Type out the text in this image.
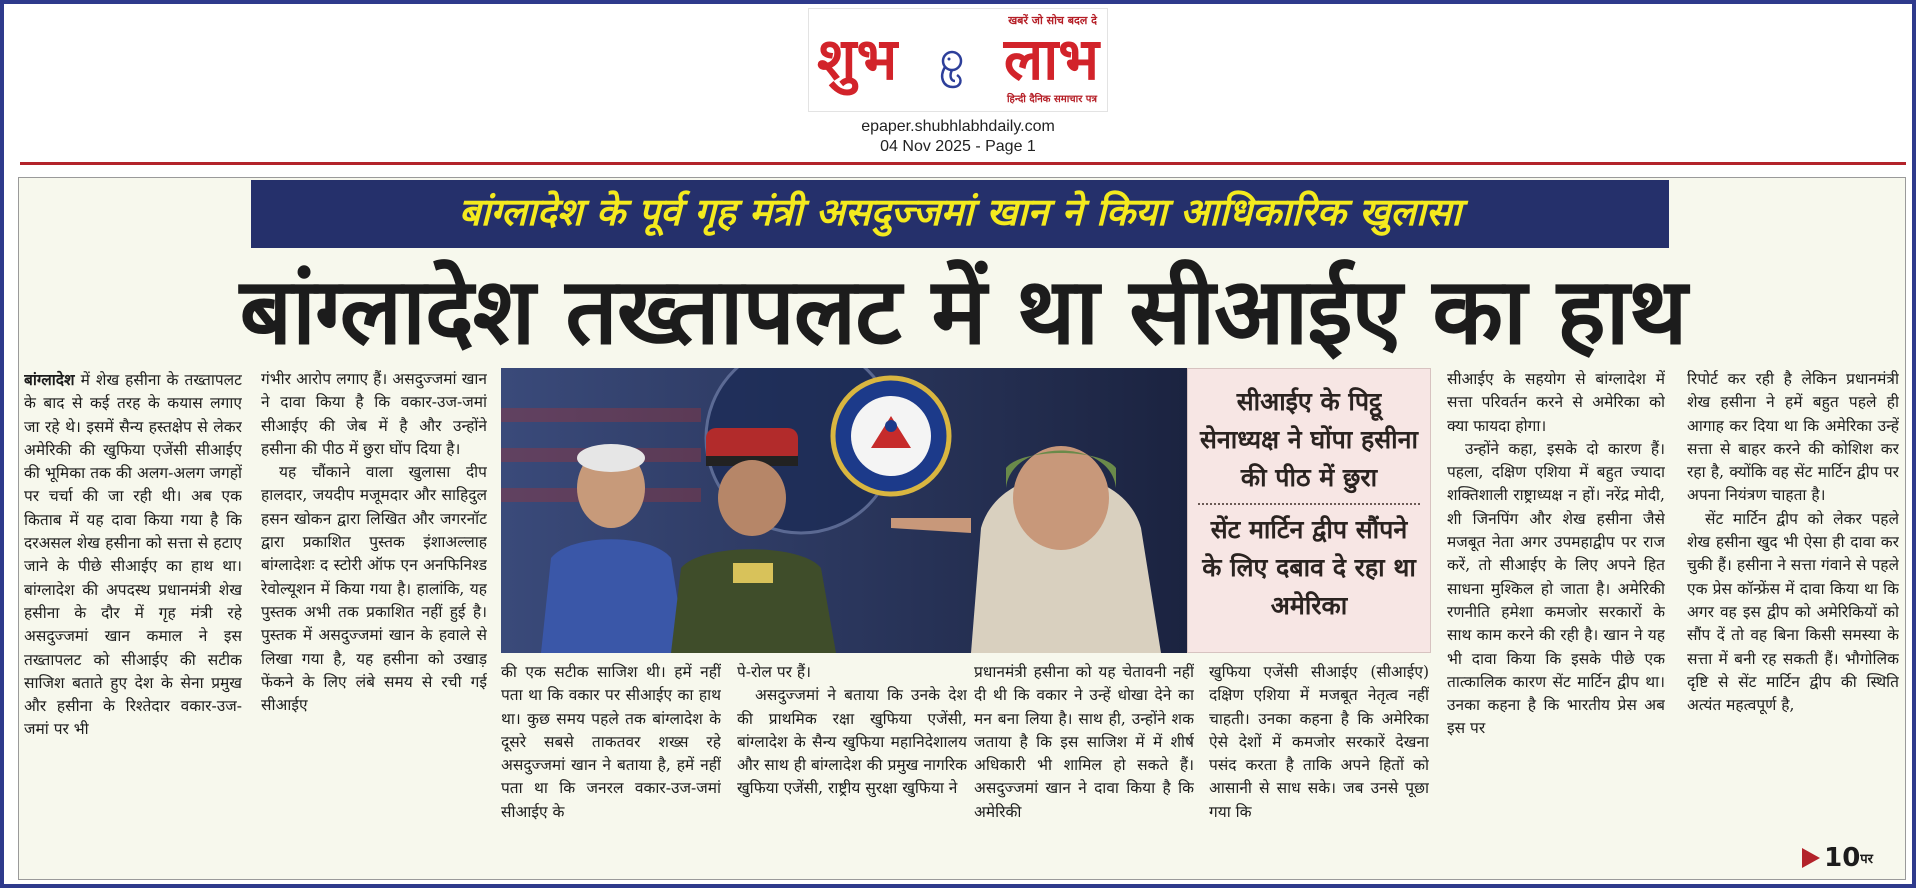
खबरें जो सोच बदल दे
शुभ लाभ
हिन्दी दैनिक समाचार पत्र
epaper.shubhlabhdaily.com
04 Nov 2025 - Page 1
बांग्लादेश के पूर्व गृह मंत्री असदुज्जमां खान ने किया आधिकारिक खुलासा
बांग्लादेश तख्तापलट में था सीआईए का हाथ

बांग्लादेश में शेख हसीना के तख्तापलट के बाद से कई तरह के कयास लगाए जा रहे थे। इसमें सैन्य हस्तक्षेप से लेकर अमेरिकी की खुफिया एजेंसी सीआईए की भूमिका तक की अलग-अलग जगहों पर चर्चा की जा रही थी। अब एक किताब में यह दावा किया गया है कि दरअसल शेख हसीना को सत्ता से हटाए जाने के पीछे सीआईए का हाथ था। बांग्लादेश की अपदस्थ प्रधानमंत्री शेख हसीना के दौर में गृह मंत्री रहे असदुज्जमां खान कमाल ने इस तख्तापलट को सीआईए की सटीक साजिश बताते हुए देश के सेना प्रमुख और हसीना के रिश्तेदार वकार-उज-जमां पर भी

गंभीर आरोप लगाए हैं। असदुज्जमां खान ने दावा किया है कि वकार-उज-जमां सीआईए की जेब में है और उन्होंने हसीना की पीठ में छुरा घोंप दिया है।

यह चौंकाने वाला खुलासा दीप हालदार, जयदीप मजूमदार और साहिदुल हसन खोकन द्वारा लिखित और जगरनॉट द्वारा प्रकाशित पुस्तक इंशाअल्लाह बांग्लादेशः द स्टोरी ऑफ एन अनफिनिश्ड रेवोल्यूशन में किया गया है। हालांकि, यह पुस्तक अभी तक प्रकाशित नहीं हुई है। पुस्तक में असदुज्जमां खान के हवाले से लिखा गया है, यह हसीना को उखाड़ फेंकने के लिए लंबे समय से रची गई सीआईए

सीआईए के पिट्ठू सेनाध्यक्ष ने घोंपा हसीना की पीठ में छुरा
सेंट मार्टिन द्वीप सौंपने के लिए दबाव दे रहा था अमेरिका

की एक सटीक साजिश थी। हमें नहीं पता था कि वकार पर सीआईए का हाथ था। कुछ समय पहले तक बांग्लादेश के दूसरे सबसे ताकतवर शख्स रहे असदुज्जमां खान ने बताया है, हमें नहीं पता था कि जनरल वकार-उज-जमां सीआईए के

पे-रोल पर हैं।

असदुज्जमां ने बताया कि उनके देश की प्राथमिक रक्षा खुफिया एजेंसी, बांग्लादेश के सैन्य खुफिया महानिदेशालय और साथ ही बांग्लादेश की प्रमुख नागरिक खुफिया एजेंसी, राष्ट्रीय सुरक्षा खुफिया ने

प्रधानमंत्री हसीना को यह चेतावनी नहीं दी थी कि वकार ने उन्हें धोखा देने का मन बना लिया है। साथ ही, उन्होंने शक जताया है कि इस साजिश में में शीर्ष अधिकारी भी शामिल हो सकते हैं। असदुज्जमां खान ने दावा किया है कि अमेरिकी

खुफिया एजेंसी सीआईए (सीआईए) दक्षिण एशिया में मजबूत नेतृत्व नहीं चाहती। उनका कहना है कि अमेरिका ऐसे देशों में कमजोर सरकारें देखना पसंद करता है ताकि अपने हितों को आसानी से साध सके। जब उनसे पूछा गया कि

सीआईए के सहयोग से बांग्लादेश में सत्ता परिवर्तन करने से अमेरिका को क्या फायदा होगा।

उन्होंने कहा, इसके दो कारण हैं। पहला, दक्षिण एशिया में बहुत ज्यादा शक्तिशाली राष्ट्राध्यक्ष न हों। नरेंद्र मोदी, शी जिनपिंग और शेख हसीना जैसे मजबूत नेता अगर उपमहाद्वीप पर राज करें, तो सीआईए के लिए अपने हित साधना मुश्किल हो जाता है। अमेरिकी रणनीति हमेशा कमजोर सरकारों के साथ काम करने की रही है। खान ने यह भी दावा किया कि इसके पीछे एक तात्कालिक कारण सेंट मार्टिन द्वीप था। उनका कहना है कि भारतीय प्रेस अब इस पर

रिपोर्ट कर रही है लेकिन प्रधानमंत्री शेख हसीना ने हमें बहुत पहले ही आगाह कर दिया था कि अमेरिका उन्हें सत्ता से बाहर करने की कोशिश कर रहा है, क्योंकि वह सेंट मार्टिन द्वीप पर अपना नियंत्रण चाहता है।

सेंट मार्टिन द्वीप को लेकर पहले शेख हसीना खुद भी ऐसा ही दावा कर चुकी हैं। हसीना ने सत्ता गंवाने से पहले एक प्रेस कॉन्फ्रेंस में दावा किया था कि अगर वह इस द्वीप को अमेरिकियों को सौंप दें तो वह बिना किसी समस्या के सत्ता में बनी रह सकती हैं। भौगोलिक दृष्टि से सेंट मार्टिन द्वीप की स्थिति अत्यंत महत्वपूर्ण है,

10पर
